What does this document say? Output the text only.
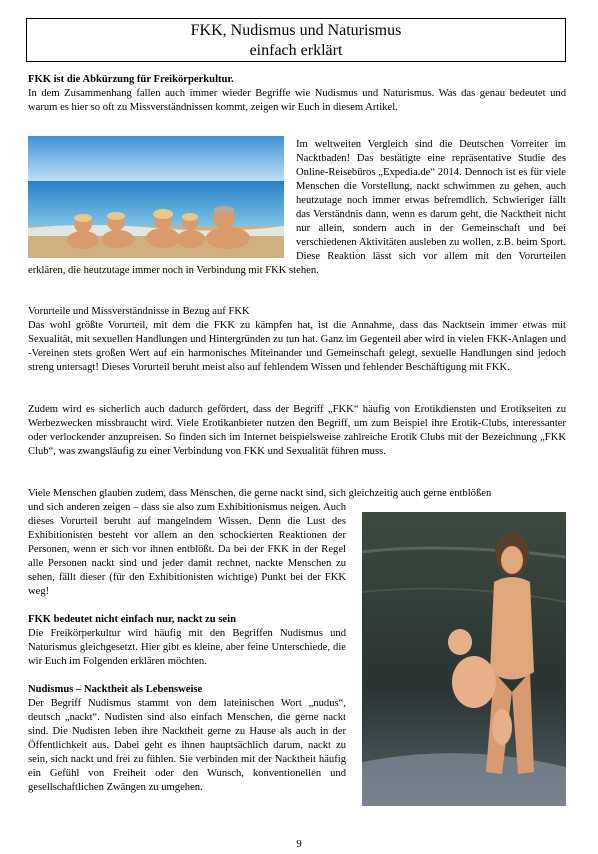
FKK, Nudismus und Naturismus
einfach erklärt

FKK ist die Abkürzung für Freikörperkultur.

In dem Zusammenhang fallen auch immer wieder Begriffe wie Nudismus und Naturismus. Was das genau bedeutet und warum es hier so oft zu Missverständnissen kommt, zeigen wir Euch in diesem Artikel.

Im weltweiten Vergleich sind die Deutschen Vorreiter im Nacktbaden! Das bestätigte eine repräsentative Studie des Online-Reisebüros „Expedia.de“ 2014. Dennoch ist es für viele Menschen die Vorstellung, nackt schwimmen zu gehen, auch heutzutage noch immer etwas befremdlich. Schwieriger fällt das Verständnis dann, wenn es darum geht, die Nacktheit nicht nur allein, sondern auch in der Gemeinschaft und bei verschiedenen Aktivitäten ausleben zu wollen, z.B. beim Sport. Diese Reaktion lässt sich vor allem mit den Vorurteilen erklären, die heutzutage immer noch in Verbindung mit FKK stehen.

Vorurteile und Missverständnisse in Bezug auf FKK

Das wohl größte Vorurteil, mit dem die FKK zu kämpfen hat, ist die Annahme, dass das Nacktsein immer etwas mit Sexualität, mit sexuellen Handlungen und Hintergründen zu tun hat. Ganz im Gegenteil aber wird in vielen FKK-Anlagen und -Vereinen stets großen Wert auf ein harmonisches Miteinander und Gemeinschaft gelegt, sexuelle Handlungen sind jedoch streng untersagt! Dieses Vorurteil beruht meist also auf fehlendem Wissen und fehlender Beschäftigung mit FKK.

Zudem wird es sicherlich auch dadurch gefördert, dass der Begriff „FKK“ häufig von Erotikdiensten und Erotikseiten zu Werbezwecken missbraucht wird. Viele Erotikanbieter nutzen den Begriff, um zum Beispiel ihre Erotik-Clubs, interessanter oder verlockender anzupreisen. So finden sich im Internet beispielsweise zahlreiche Erotik Clubs mit der Bezeichnung „FKK Club“, was zwangsläufig zu einer Verbindung von FKK und Sexualität führen muss.

Viele Menschen glauben zudem, dass Menschen, die gerne nackt sind, sich gleichzeitig auch gerne entblößen

und sich anderen zeigen – dass sie also zum Exhibitionismus neigen. Auch dieses Vorurteil beruht auf mangelndem Wissen. Denn die Lust des Exhibitionisten besteht vor allem an den schockierten Reaktionen der Personen, wenn er sich vor ihnen entblößt. Da bei der FKK in der Regel alle Personen nackt sind und jeder damit rechnet, nackte Menschen zu sehen, fällt dieser (für den Exhibitionisten wichtige) Punkt bei der FKK weg!

FKK bedeutet nicht einfach nur, nackt zu sein

Die Freikörperkultur wird häufig mit den Begriffen Nudismus und Naturismus gleichgesetzt. Hier gibt es kleine, aber feine Unterschiede, die wir Euch im Folgenden erklären möchten.

Nudismus – Nacktheit als Lebensweise

Der Begriff Nudismus stammt von dem lateinischen Wort „nudus“, deutsch „nackt“. Nudisten sind also einfach Menschen, die gerne nackt sind. Die Nudisten leben ihre Nacktheit gerne zu Hause als auch in der Öffentlichkeit aus. Dabei geht es ihnen hauptsächlich darum, nackt zu sein, sich nackt und frei zu fühlen. Sie verbinden mit der Nacktheit häufig ein Gefühl von Freiheit oder den Wunsch, konventionellen und gesellschaftlichen Zwängen zu umgehen.

9
